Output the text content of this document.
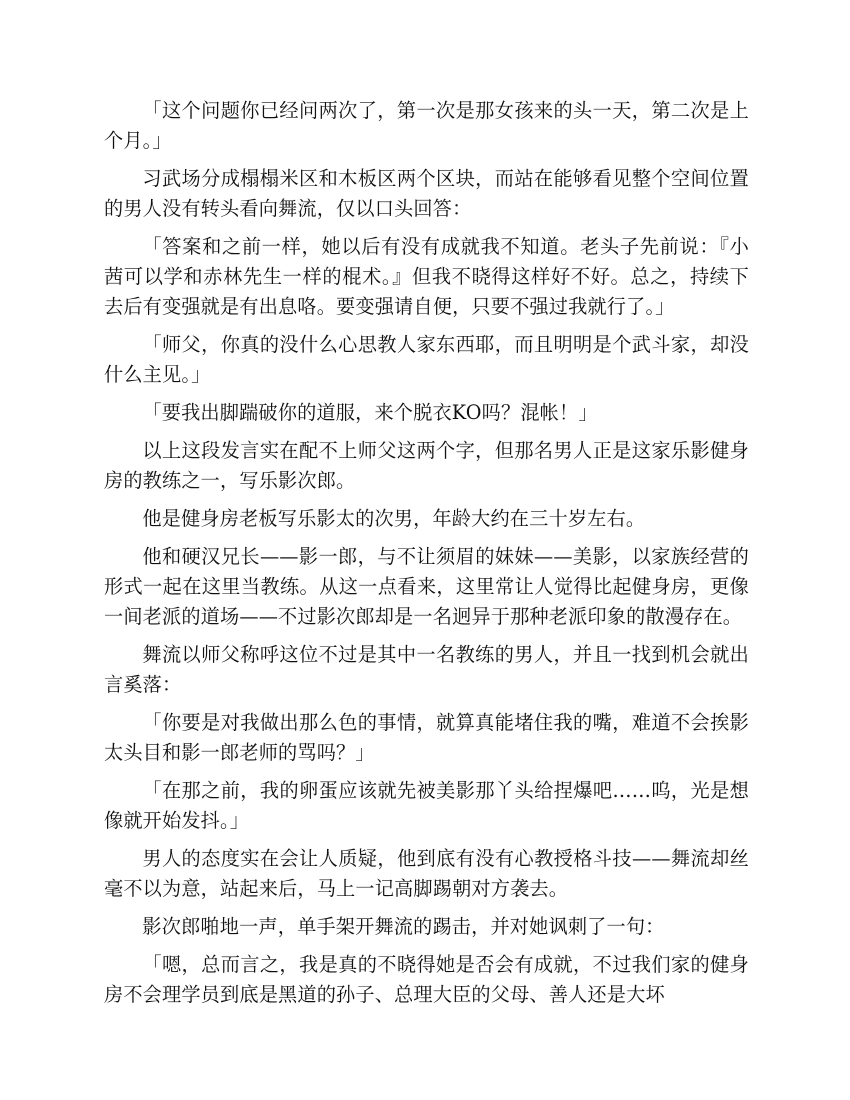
「这个问题你已经问两次了，第一次是那女孩来的头一天，第二次是上个月。」

习武场分成榻榻米区和木板区两个区块，而站在能够看见整个空间位置的男人没有转头看向舞流，仅以口头回答：

「答案和之前一样，她以后有没有成就我不知道。老头子先前说：『小茜可以学和赤林先生一样的棍术。』但我不晓得这样好不好。总之，持续下去后有变强就是有出息咯。要变强请自便，只要不强过我就行了。」

「师父，你真的没什么心思教人家东西耶，而且明明是个武斗家，却没什么主见。」

「要我出脚踹破你的道服，来个脱衣KO吗？混帐！」

以上这段发言实在配不上师父这两个字，但那名男人正是这家乐影健身房的教练之一，写乐影次郎。

他是健身房老板写乐影太的次男，年龄大约在三十岁左右。

他和硬汉兄长——影一郎，与不让须眉的妹妹——美影，以家族经营的形式一起在这里当教练。从这一点看来，这里常让人觉得比起健身房，更像一间老派的道场——不过影次郎却是一名迥异于那种老派印象的散漫存在。

舞流以师父称呼这位不过是其中一名教练的男人，并且一找到机会就出言奚落：

「你要是对我做出那么色的事情，就算真能堵住我的嘴，难道不会挨影太头目和影一郎老师的骂吗？」

「在那之前，我的卵蛋应该就先被美影那丫头给捏爆吧……呜，光是想像就开始发抖。」

男人的态度实在会让人质疑，他到底有没有心教授格斗技——舞流却丝毫不以为意，站起来后，马上一记高脚踢朝对方袭去。

影次郎啪地一声，单手架开舞流的踢击，并对她讽刺了一句：

「嗯，总而言之，我是真的不晓得她是否会有成就，不过我们家的健身房不会理学员到底是黑道的孙子、总理大臣的父母、善人还是大坏
